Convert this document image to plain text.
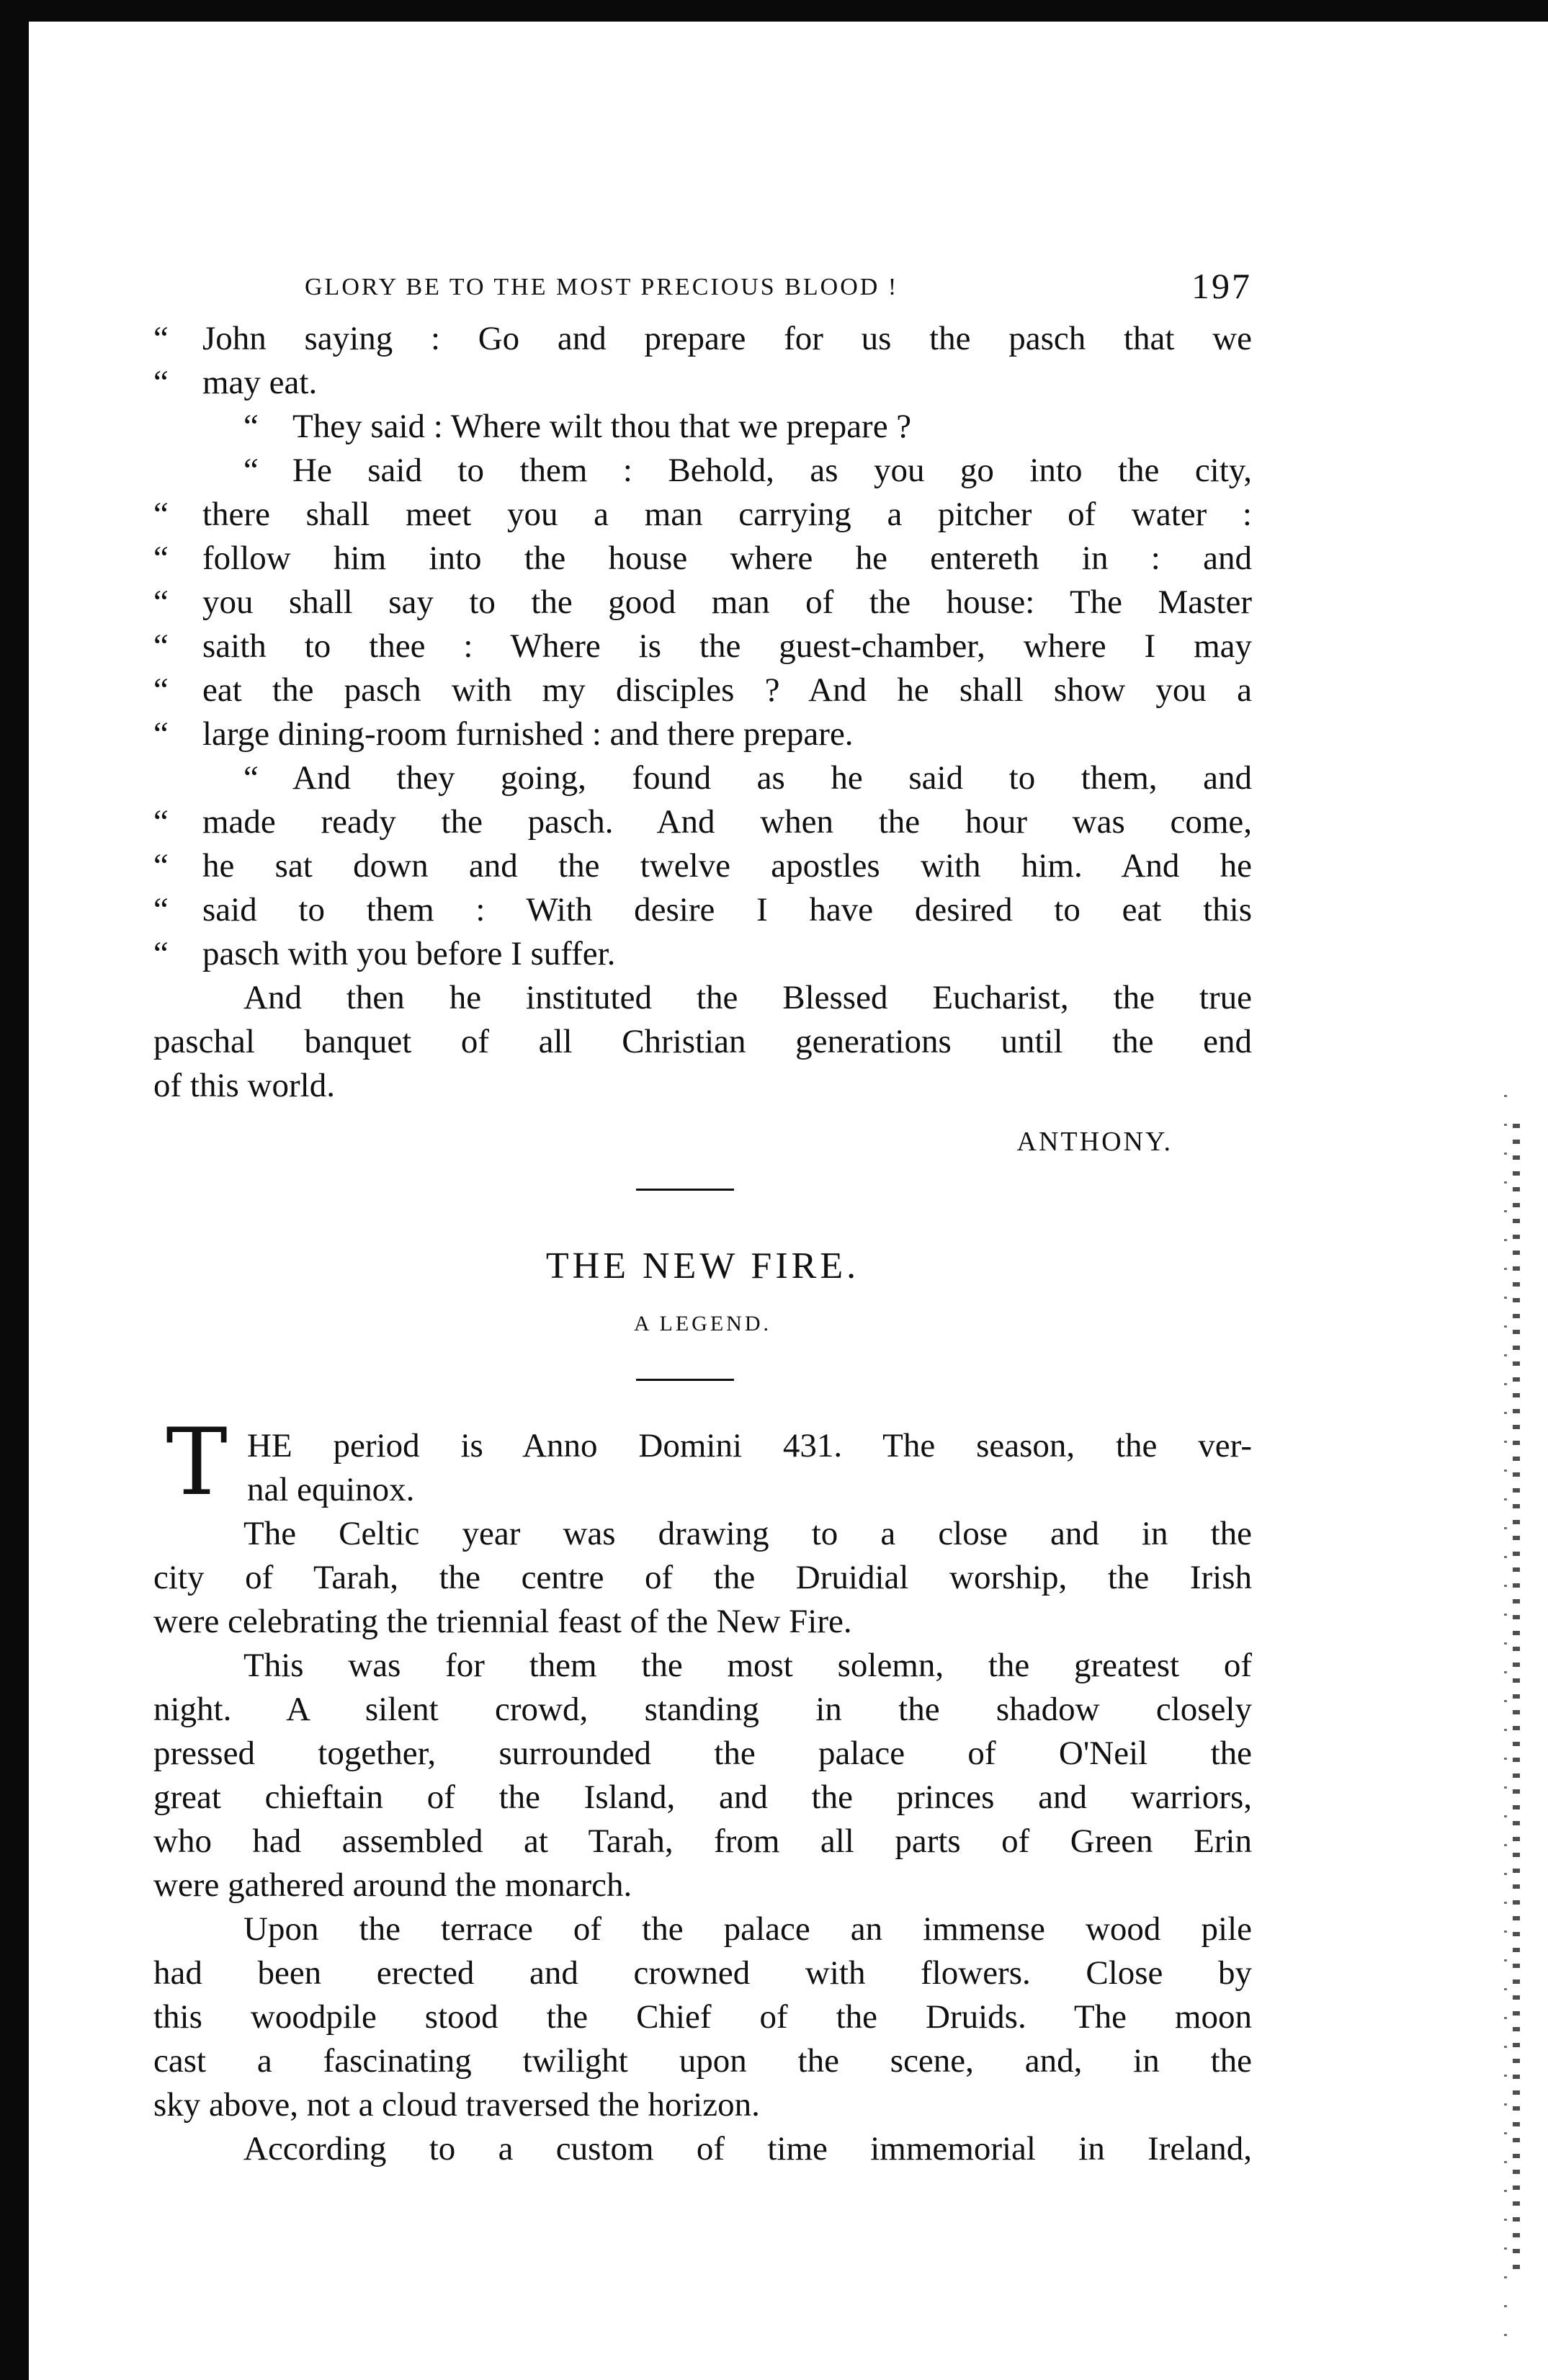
GLORY BE TO THE MOST PRECIOUS BLOOD !	197
“ John saying : Go and prepare for us the pasch that we
“ may eat.
“ They said : Where wilt thou that we prepare ?
“ He said to them : Behold, as you go into the city,
“ there shall meet you a man carrying a pitcher of water :
“ follow him into the house where he entereth in : and
“ you shall say to the good man of the house: The Master
“ saith to thee : Where is the guest-chamber, where I may
“ eat the pasch with my disciples ? And he shall show you a
“ large dining-room furnished : and there prepare.
“ And they going, found as he said to them, and
“ made ready the pasch. And when the hour was come,
“ he sat down and the twelve apostles with him. And he
“ said to them : With desire I have desired to eat this
“ pasch with you before I suffer.
And then he instituted the Blessed Eucharist, the true
paschal banquet of all Christian generations until the end
of this world.
ANTHONY.
THE NEW FIRE.
A LEGEND.
T HE period is Anno Domini 431. The season, the ver-
nal equinox.
The Celtic year was drawing to a close and in the
city of Tarah, the centre of the Druidial worship, the Irish
were celebrating the triennial feast of the New Fire.
This was for them the most solemn, the greatest of
night. A silent crowd, standing in the shadow closely
pressed together, surrounded the palace of O'Neil the
great chieftain of the Island, and the princes and warriors,
who had assembled at Tarah, from all parts of Green Erin
were gathered around the monarch.
Upon the terrace of the palace an immense wood pile
had been erected and crowned with flowers. Close by
this woodpile stood the Chief of the Druids. The moon
cast a fascinating twilight upon the scene, and, in the
sky above, not a cloud traversed the horizon.
According to a custom of time immemorial in Ireland,
